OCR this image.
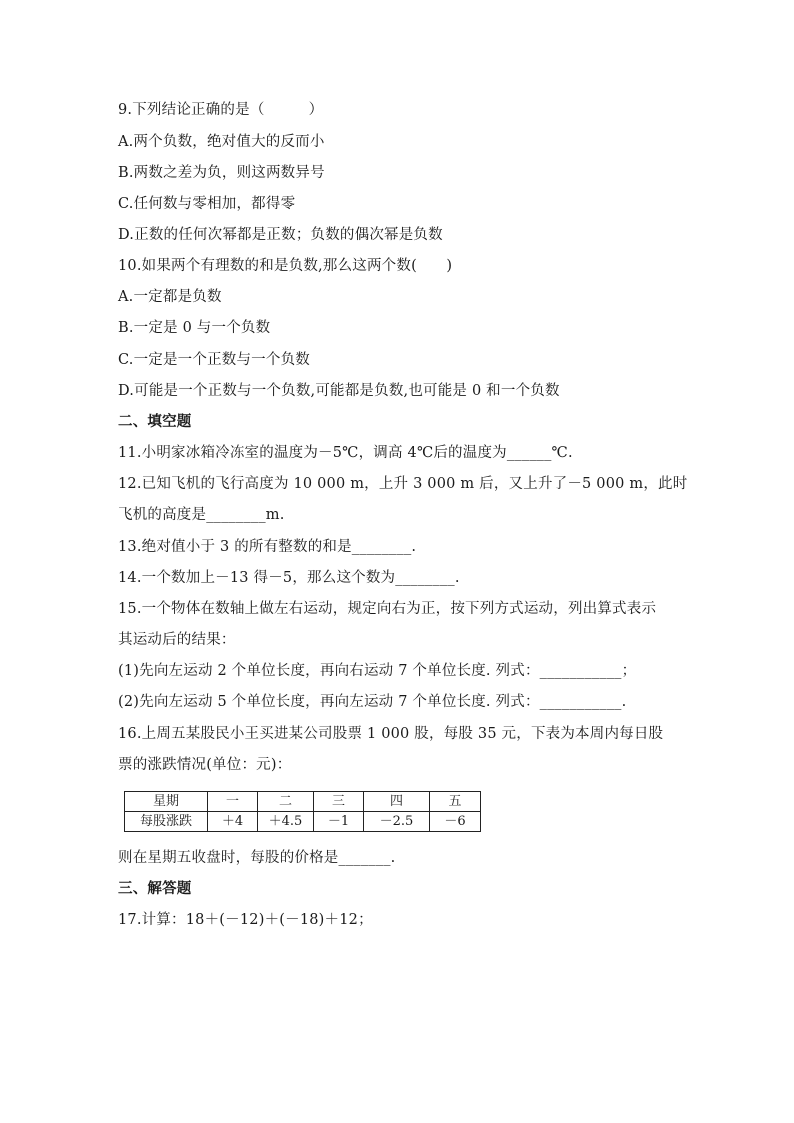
9.下列结论正确的是（　　　）
A.两个负数，绝对值大的反而小
B.两数之差为负，则这两数异号
C.任何数与零相加，都得零
D.正数的任何次幂都是正数；负数的偶次幂是负数
10.如果两个有理数的和是负数,那么这两个数(　　)
A.一定都是负数
B.一定是 0 与一个负数
C.一定是一个正数与一个负数
D.可能是一个正数与一个负数,可能都是负数,也可能是 0 和一个负数
二、填空题
11.小明家冰箱冷冻室的温度为－5℃，调高 4℃后的温度为______℃.
12.已知飞机的飞行高度为 10 000 m，上升 3 000 m 后，又上升了－5 000 m，此时
飞机的高度是________m.
13.绝对值小于 3 的所有整数的和是________.
14.一个数加上－13 得－5，那么这个数为________.
15.一个物体在数轴上做左右运动，规定向右为正，按下列方式运动，列出算式表示
其运动后的结果：
(1)先向左运动 2 个单位长度，再向右运动 7 个单位长度. 列式：___________；
(2)先向左运动 5 个单位长度，再向左运动 7 个单位长度. 列式：___________.
16.上周五某股民小王买进某公司股票 1 000 股，每股 35 元，下表为本周内每日股
票的涨跌情况(单位：元)：
星期	一	二	三	四	五
每股涨跌	＋4	＋4.5	－1	－2.5	－6
则在星期五收盘时，每股的价格是_______.
三、解答题
17.计算：18＋(－12)＋(－18)＋12；
